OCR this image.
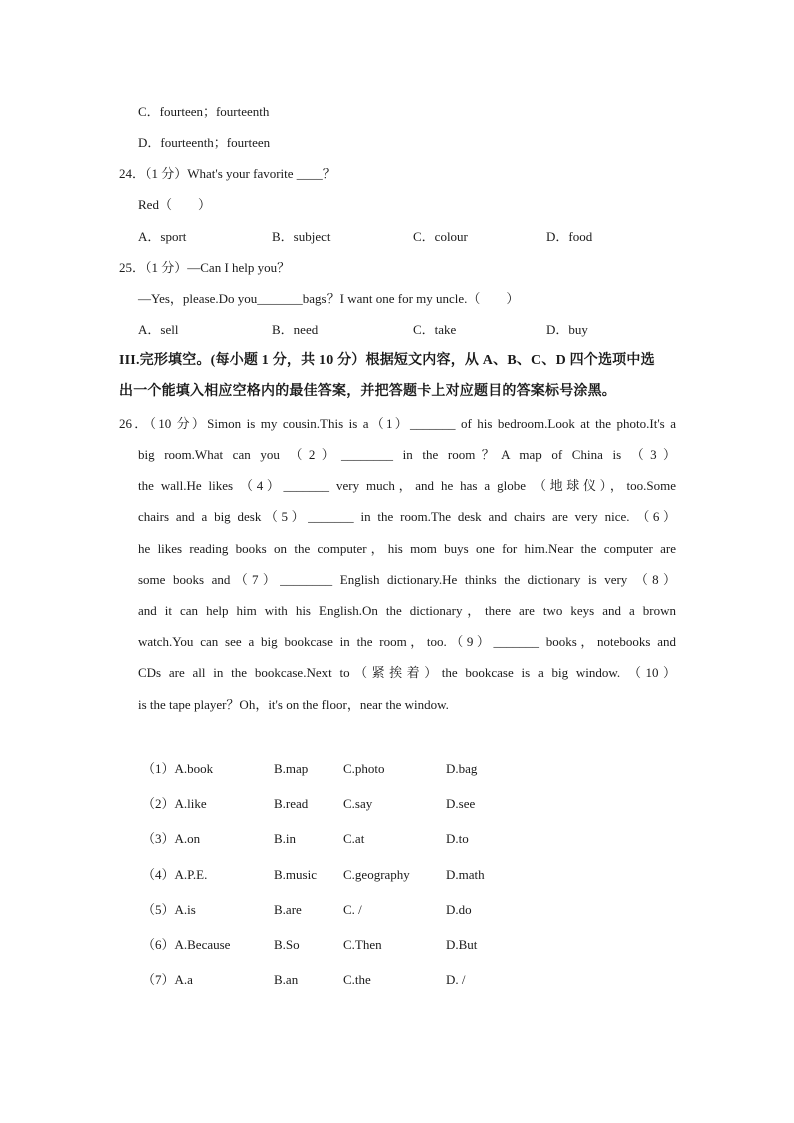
C．fourteen；fourteenth
D．fourteenth；fourteen
24．（1 分）What's your favorite ____？
Red（　　）
A．sport	B．subject	C．colour	D．food
25．（1 分）—Can I help you？
—Yes，please.Do you_______bags？I want one for my uncle.（　　）
A．sell	B．need	C．take	D．buy
III.完形填空。(每小题 1 分，共 10 分）根据短文内容，从 A、B、C、D 四个选项中选
出一个能填入相应空格内的最佳答案，并把答题卡上对应题目的答案标号涂黑。
26．（10 分）Simon is my cousin.This is a（1）_______ of his bedroom.Look at the photo.It's a
big room.What can you （2）________ in the room？A map of China is （3）
the wall.He likes （4）_______ very much，and he has a globe （地球仪），too.Some
chairs and a big desk（5）_______ in the room.The desk and chairs are very nice. （6）
he likes reading books on the computer，his mom buys one for him.Near the computer are
some books and（7）________ English dictionary.He thinks the dictionary is very （8）
and it can help him with his English.On the dictionary，there are two keys and a brown
watch.You can see a big bookcase in the room，too.（9）_______ books，notebooks and
CDs are all in the bookcase.Next to（紧挨着）the bookcase is a big window. （10）
is the tape player？Oh，it's on the floor，near the window.
（1）A.book	B.map	C.photo	D.bag
（2）A.like	B.read	C.say	D.see
（3）A.on	B.in	C.at	D.to
（4）A.P.E.	B.music C.geography	D.math
（5）A.is	B.are	C. /	D.do
（6）A.Because	B.So	C.Then	D.But
（7）A.a	B.an	C.the	D. /
